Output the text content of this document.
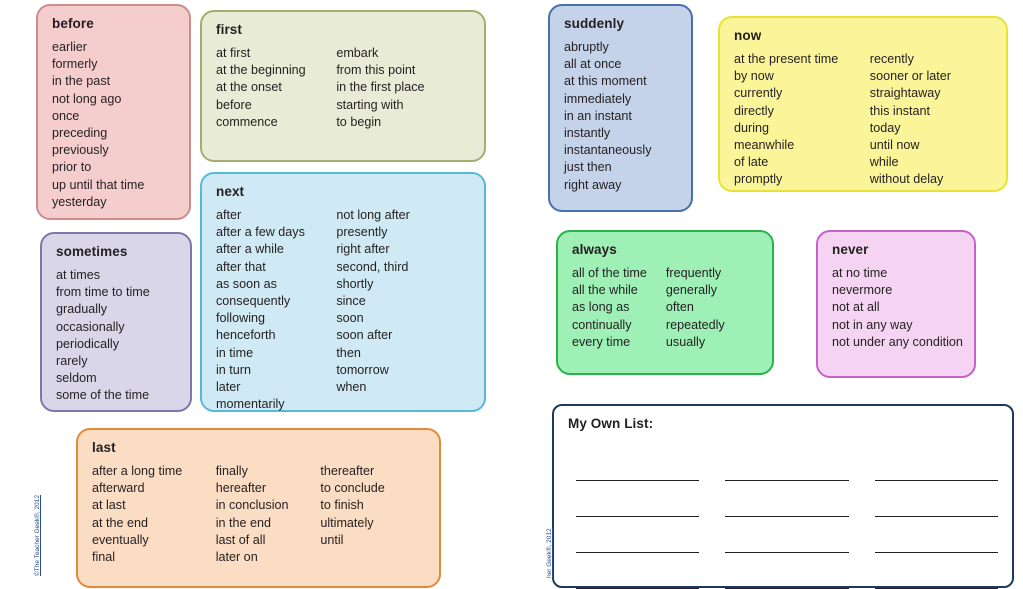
before
earlier
formerly
in the past
not long ago
once
preceding
previously
prior to
up until that time
yesterday
first
at first
at the beginning
at the onset
before
commence
embark
from this point
in the first place
starting with
to begin
next
after
after a few days
after a while
after that
as soon as
consequently
following
henceforth
in time
in turn
later
momentarily
not long after
presently
right after
second, third
shortly
since
soon
soon after
then
tomorrow
when
sometimes
at times
from time to time
gradually
occasionally
periodically
rarely
seldom
some of the time
last
after a long time
afterward
at last
at the end
eventually
final
finally
hereafter
in conclusion
in the end
last of all
later on
thereafter
to conclude
to finish
ultimately
until
suddenly
abruptly
all at once
at this moment
immediately
in an instant
instantly
instantaneously
just then
right away
now
at the present time
by now
currently
directly
during
meanwhile
of late
promptly
recently
sooner or later
straightaway
this instant
today
until now
while
without delay
always
all of the time
all the while
as long as
continually
every time
frequently
generally
often
repeatedly
usually
never
at no time
nevermore
not at all
not in any way
not under any condition
My Own List:
©The Teacher Geek®, 2012	her Geek®, 2012
